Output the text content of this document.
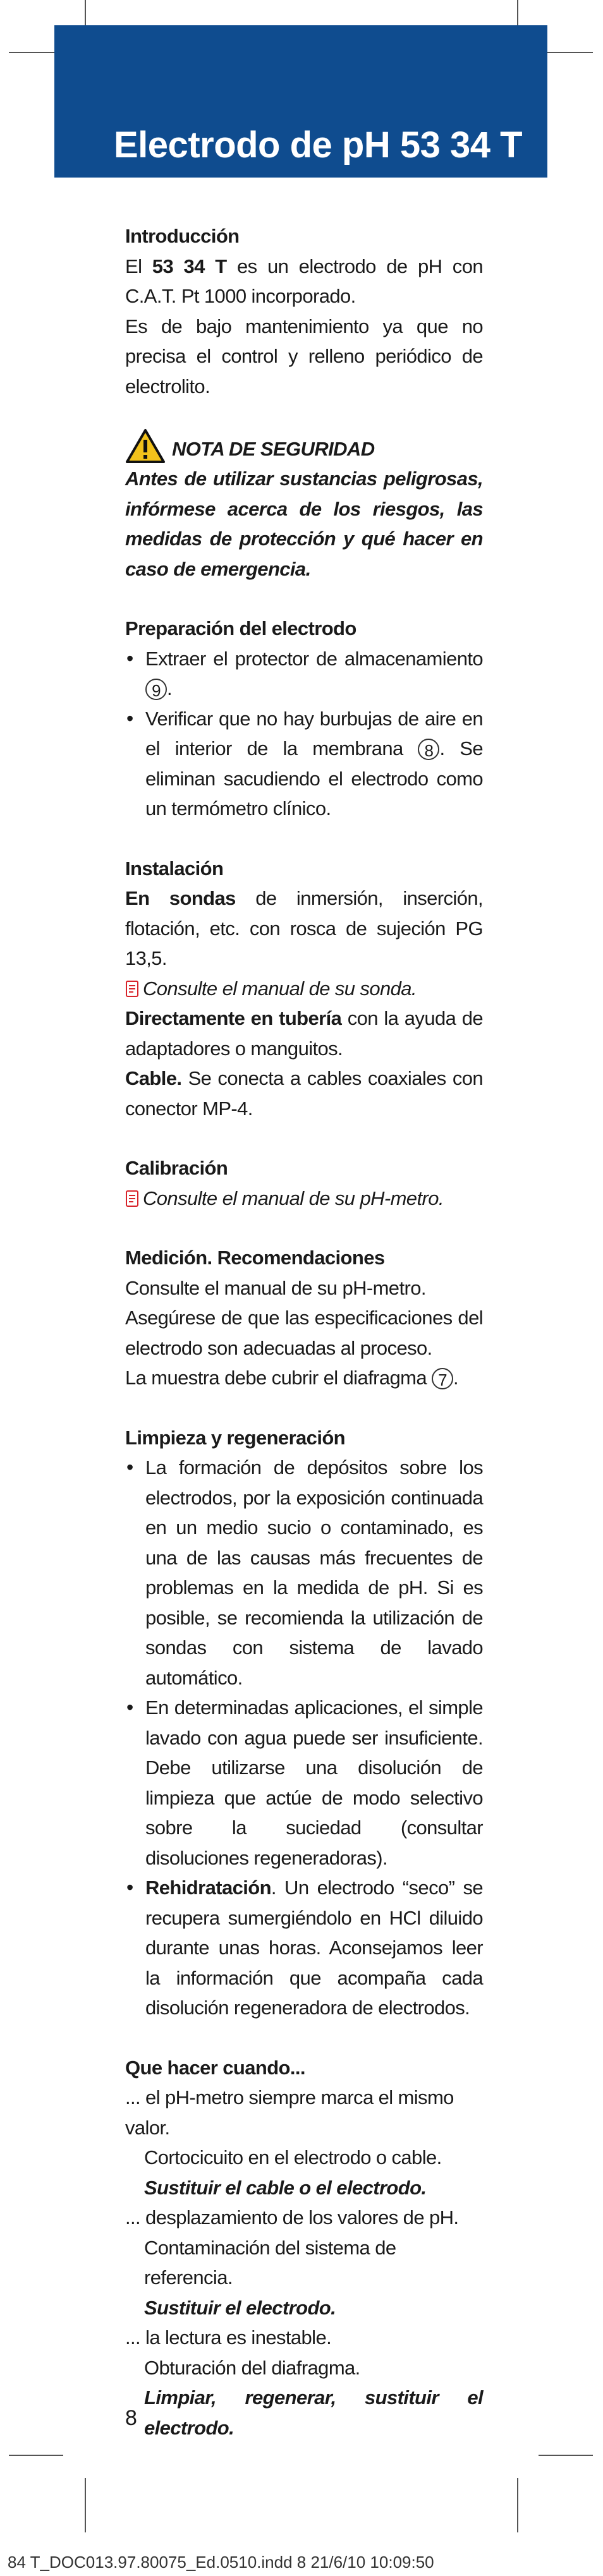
Electrodo de pH 53 34 T
Introducción

El 53 34 T es un electrodo de pH con C.A.T. Pt 1000 incorporado.

Es de bajo mantenimiento ya que no precisa el control y relleno periódico de electrolito.

NOTA DE SEGURIDAD

Antes de utilizar sustancias peligrosas, infórmese acerca de los riesgos, las medidas de protección y qué hacer en caso de emergencia.

Preparación del electrodo
• Extraer el protector de almacenamiento 9 .
• Verificar que no hay burbujas de aire en el interior de la membrana 8 . Se eliminan sacudiendo el electrodo como un termómetro clínico.
Instalación

En sondas de inmersión, inserción, flotación, etc. con rosca de sujeción PG 13,5.

Consulte el manual de su sonda.

Directamente en tubería con la ayuda de adaptadores o manguitos.

Cable. Se conecta a cables coaxiales con conector MP-4.

Calibración

Consulte el manual de su pH-metro.

Medición. Recomendaciones

Consulte el manual de su pH-metro.

Asegúrese de que las especificaciones del electrodo son adecuadas al proceso.

La muestra debe cubrir el diafragma 7 .

Limpieza y regeneración
• La formación de depósitos sobre los electrodos, por la exposición continuada en un medio sucio o contaminado, es una de las causas más frecuentes de problemas en la medida de pH. Si es posible, se recomienda la utilización de sondas con sistema de lavado automático.
• En determinadas aplicaciones, el simple lavado con agua puede ser insuficiente. Debe utilizarse una disolución de limpieza que actúe de modo selectivo sobre la suciedad (consultar disoluciones regeneradoras).
• Rehidratación. Un electrodo “seco” se recupera sumergiéndolo en HCl diluido durante unas horas. Aconsejamos leer la información que acompaña cada disolución regeneradora de electrodos.
Que hacer cuando...

... el pH-metro siempre marca el mismo valor.

Cortocicuito en el electrodo o cable.

Sustituir el cable o el electrodo.

... desplazamiento de los valores de pH.

Contaminación del sistema de referencia.

Sustituir el electrodo.

... la lectura es inestable.

Obturación del diafragma.

Limpiar, regenerar, sustituir el electrodo.

8

84 T_DOC013.97.80075_Ed.0510.indd 8 21/6/10 10:09:50
